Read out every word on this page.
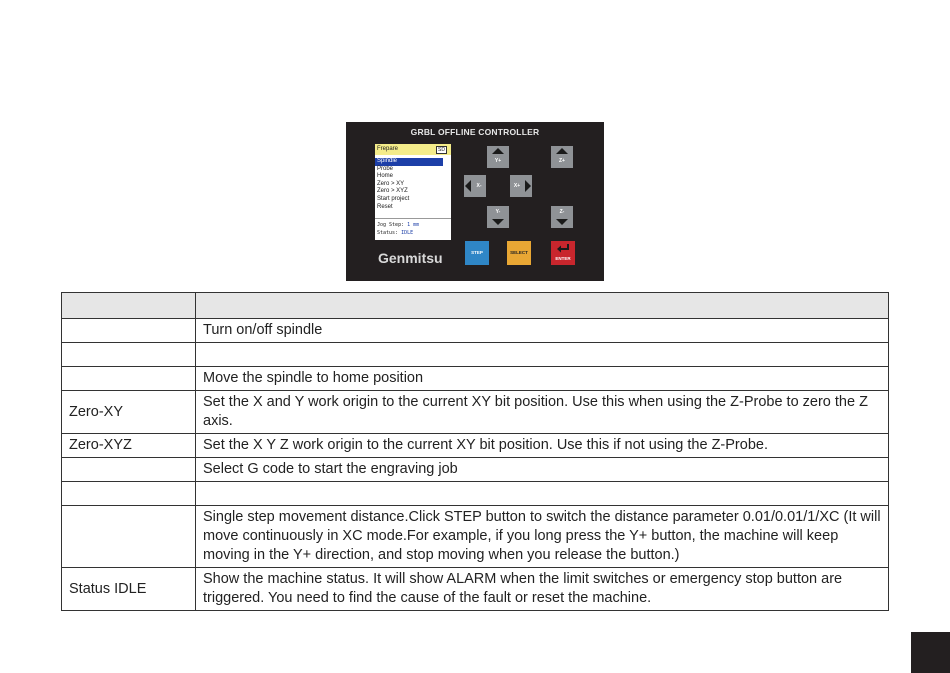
GRBL OFFLINE CONTROLLER
Frepare	SD
Spindle
Probe
Home
Zero > XY
Zero > XYZ
Start project
Reset
Jog Step: 1 mm
Status: IDLE
Y+	Z+
X-	X+
Y-	Z-
STEP	SELECT
ENTER
Genmitsu

	Turn on/off spindle

	Move the spindle to home position
Zero-XY	Set the X and Y work origin to the current XY bit position. Use this when using the Z-Probe to zero the Z axis.
Zero-XYZ	Set the X Y Z work origin to the current XY bit position. Use this if not using the Z-Probe.
	Select G code to start the engraving job

	Single step movement distance.Click STEP button to switch the distance parameter 0.01/0.01/1/XC (It will move continuously in XC mode.For example, if you long press the Y+ button, the machine will keep moving in the Y+ direction, and stop moving when you release the button.)
Status IDLE	Show the machine status. It will show ALARM when the limit switches or emergency stop button are triggered. You need to find the cause of the fault or reset the machine.
